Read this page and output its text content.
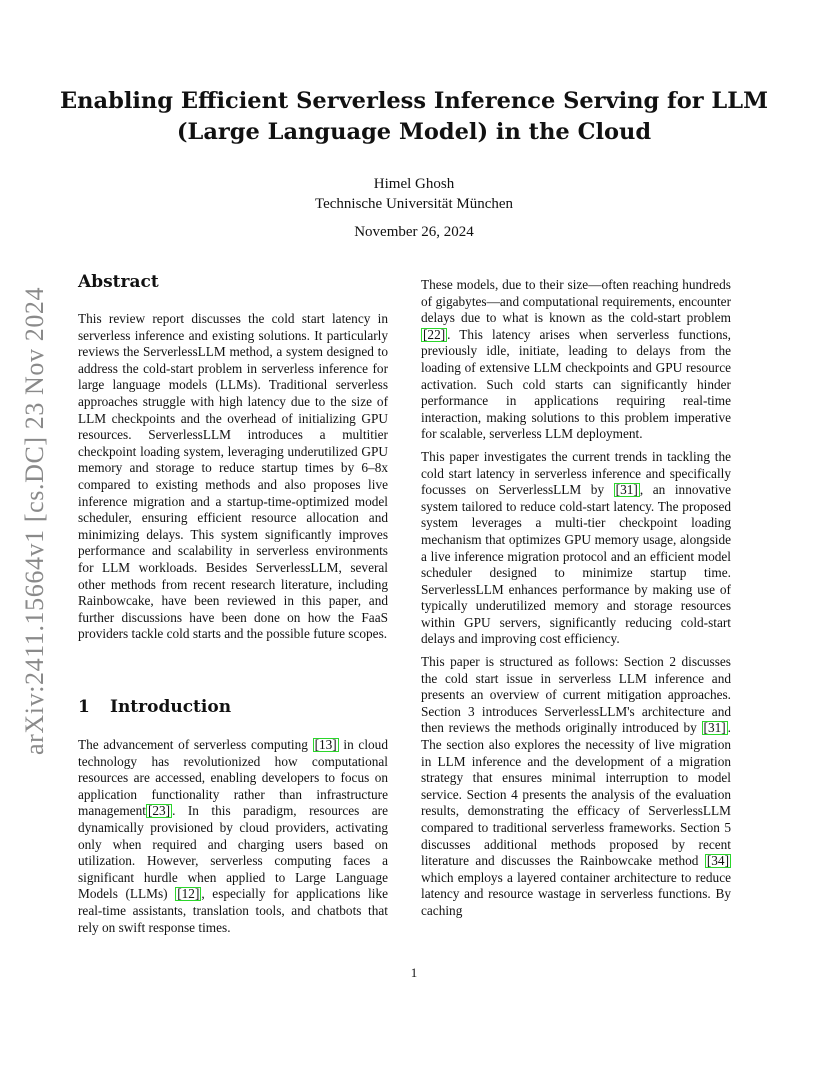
arXiv:2411.15664v1 [cs.DC] 23 Nov 2024
Enabling Efficient Serverless Inference Serving for LLM
(Large Language Model) in the Cloud
Himel Ghosh
Technische Universität München
November 26, 2024
Abstract

This review report discusses the cold start latency in serverless inference and existing solutions. It particularly reviews the ServerlessLLM method, a system designed to address the cold-start problem in serverless inference for large language models (LLMs). Traditional serverless approaches struggle with high latency due to the size of LLM checkpoints and the overhead of initializing GPU resources. ServerlessLLM introduces a multitier checkpoint loading system, leveraging underutilized GPU memory and storage to reduce startup times by 6–8x compared to existing methods and also proposes live inference migration and a startup-time-optimized model scheduler, ensuring efficient resource allocation and minimizing delays. This system significantly improves performance and scalability in serverless environments for LLM workloads. Besides ServerlessLLM, several other methods from recent research literature, including Rainbowcake, have been reviewed in this paper, and further discussions have been done on how the FaaS providers tackle cold starts and the possible future scopes.

1 Introduction

The advancement of serverless computing [13] in cloud technology has revolutionized how computational resources are accessed, enabling developers to focus on application functionality rather than infrastructure management [23] . In this paradigm, resources are dynamically provisioned by cloud providers, activating only when required and charging users based on utilization. However, serverless computing faces a significant hurdle when applied to Large Language Models (LLMs) [12] , especially for applications like real-time assistants, translation tools, and chatbots that rely on swift response times.

These models, due to their size—often reaching hundreds of gigabytes—and computational requirements, encounter delays due to what is known as the cold-start problem [22] . This latency arises when serverless functions, previously idle, initiate, leading to delays from the loading of extensive LLM checkpoints and GPU resource activation. Such cold starts can significantly hinder performance in applications requiring real-time interaction, making solutions to this problem imperative for scalable, serverless LLM deployment.

This paper investigates the current trends in tackling the cold start latency in serverless inference and specifically focusses on ServerlessLLM by [31] , an innovative system tailored to reduce cold-start latency. The proposed system leverages a multi-tier checkpoint loading mechanism that optimizes GPU memory usage, alongside a live inference migration protocol and an efficient model scheduler designed to minimize startup time. ServerlessLLM enhances performance by making use of typically underutilized memory and storage resources within GPU servers, significantly reducing cold-start delays and improving cost efficiency.

This paper is structured as follows: Section 2 discusses the cold start issue in serverless LLM inference and presents an overview of current mitigation approaches. Section 3 introduces ServerlessLLM's architecture and then reviews the methods originally introduced by [31] . The section also explores the necessity of live migration in LLM inference and the development of a migration strategy that ensures minimal interruption to model service. Section 4 presents the analysis of the evaluation results, demonstrating the efficacy of ServerlessLLM compared to traditional serverless frameworks. Section 5 discusses additional methods proposed by recent literature and discusses the Rainbowcake method [34] which employs a layered container architecture to reduce latency and resource wastage in serverless functions. By caching

1
